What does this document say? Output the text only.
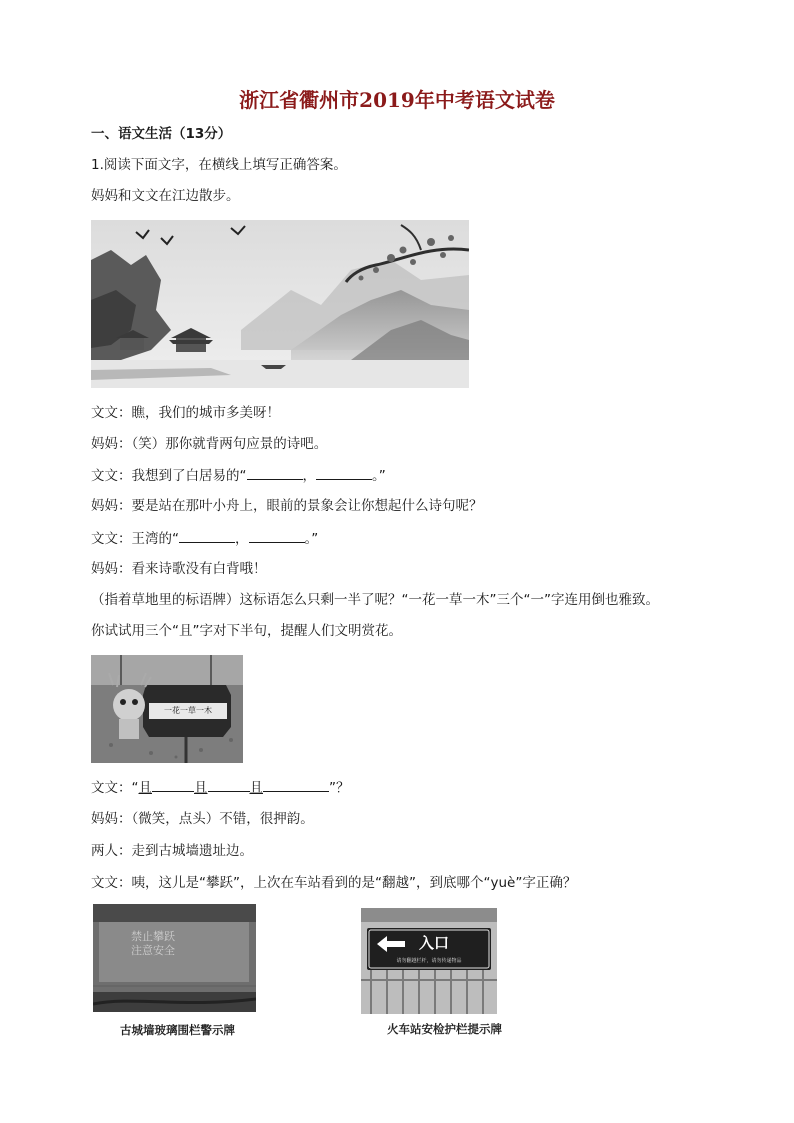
浙江省衢州市2019年中考语文试卷
一、语文生活（13分）
1.阅读下面文字，在横线上填写正确答案。
妈妈和文文在江边散步。
文文：瞧，我们的城市多美呀！
妈妈：（笑）那你就背两句应景的诗吧。
文文：我想到了白居易的“	，	。”
妈妈：要是站在那叶小舟上，眼前的景象会让你想起什么诗句呢？
文文：王湾的“	，	。”
妈妈：看来诗歌没有白背哦！
（指着草地里的标语牌）这标语怎么只剩一半了呢？“一花一草一木”三个“一”字连用倒也雅致。
你试试用三个“且”字对下半句，提醒人们文明赏花。
一花一草一木
文文：“且	且	且	”？
妈妈：（微笑，点头）不错，很押韵。
两人：走到古城墙遗址边。
文文：咦，这儿是“攀跃”，上次在车站看到的是“翻越”，到底哪个“yuè”字正确？
禁止攀跃
注意安全
古城墙玻璃围栏警示牌
入口
请勿翻越栏杆，请勿传递物品
火车站安检护栏提示牌
